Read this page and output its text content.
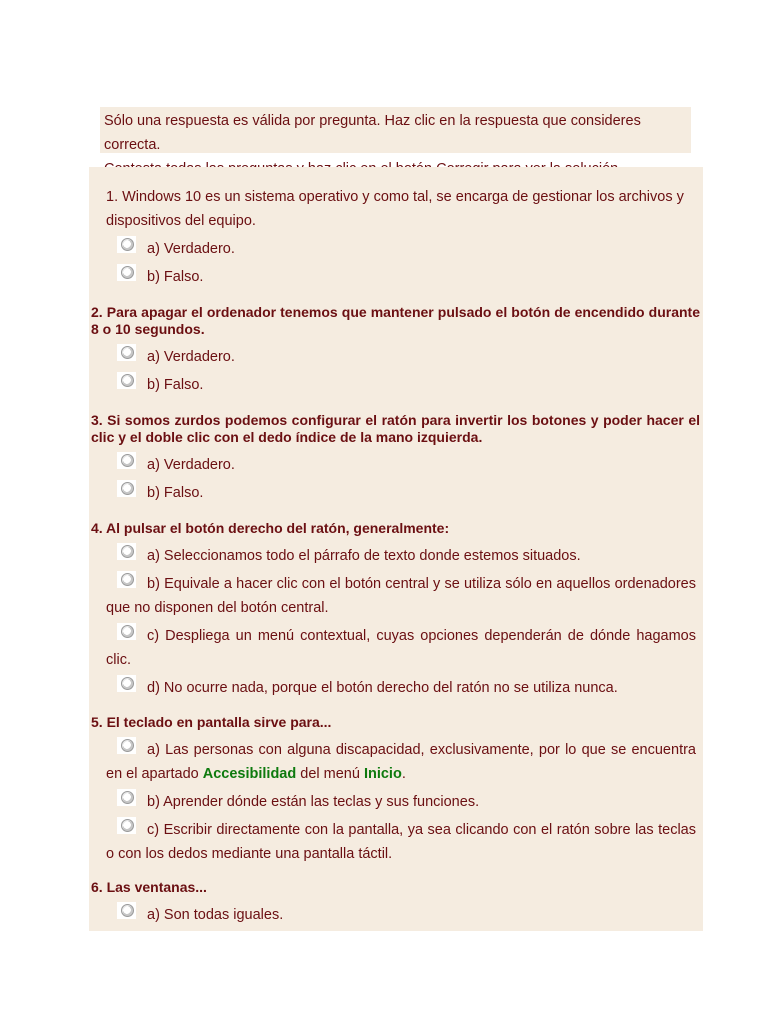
Sólo una respuesta es válida por pregunta. Haz clic en la respuesta que consideres correcta.
1. Windows 10 es un sistema operativo y como tal, se encarga de gestionar los archivos y dispositivos del equipo.
a) Verdadero.
b) Falso.
2. Para apagar el ordenador tenemos que mantener pulsado el botón de encendido durante 8 o 10 segundos.
a) Verdadero.
b) Falso.
3. Si somos zurdos podemos configurar el ratón para invertir los botones y poder hacer el clic y el doble clic con el dedo índice de la mano izquierda.
a) Verdadero.
b) Falso.
4. Al pulsar el botón derecho del ratón, generalmente:
a) Seleccionamos todo el párrafo de texto donde estemos situados.
b) Equivale a hacer clic con el botón central y se utiliza sólo en aquellos ordenadores que no disponen del botón central.
c) Despliega un menú contextual, cuyas opciones dependerán de dónde hagamos clic.
d) No ocurre nada, porque el botón derecho del ratón no se utiliza nunca.
5. El teclado en pantalla sirve para...
a) Las personas con alguna discapacidad, exclusivamente, por lo que se encuentra en el apartado Accesibilidad del menú Inicio.
b) Aprender dónde están las teclas y sus funciones.
c) Escribir directamente con la pantalla, ya sea clicando con el ratón sobre las teclas o con los dedos mediante una pantalla táctil.
6. Las ventanas...
a) Son todas iguales.
